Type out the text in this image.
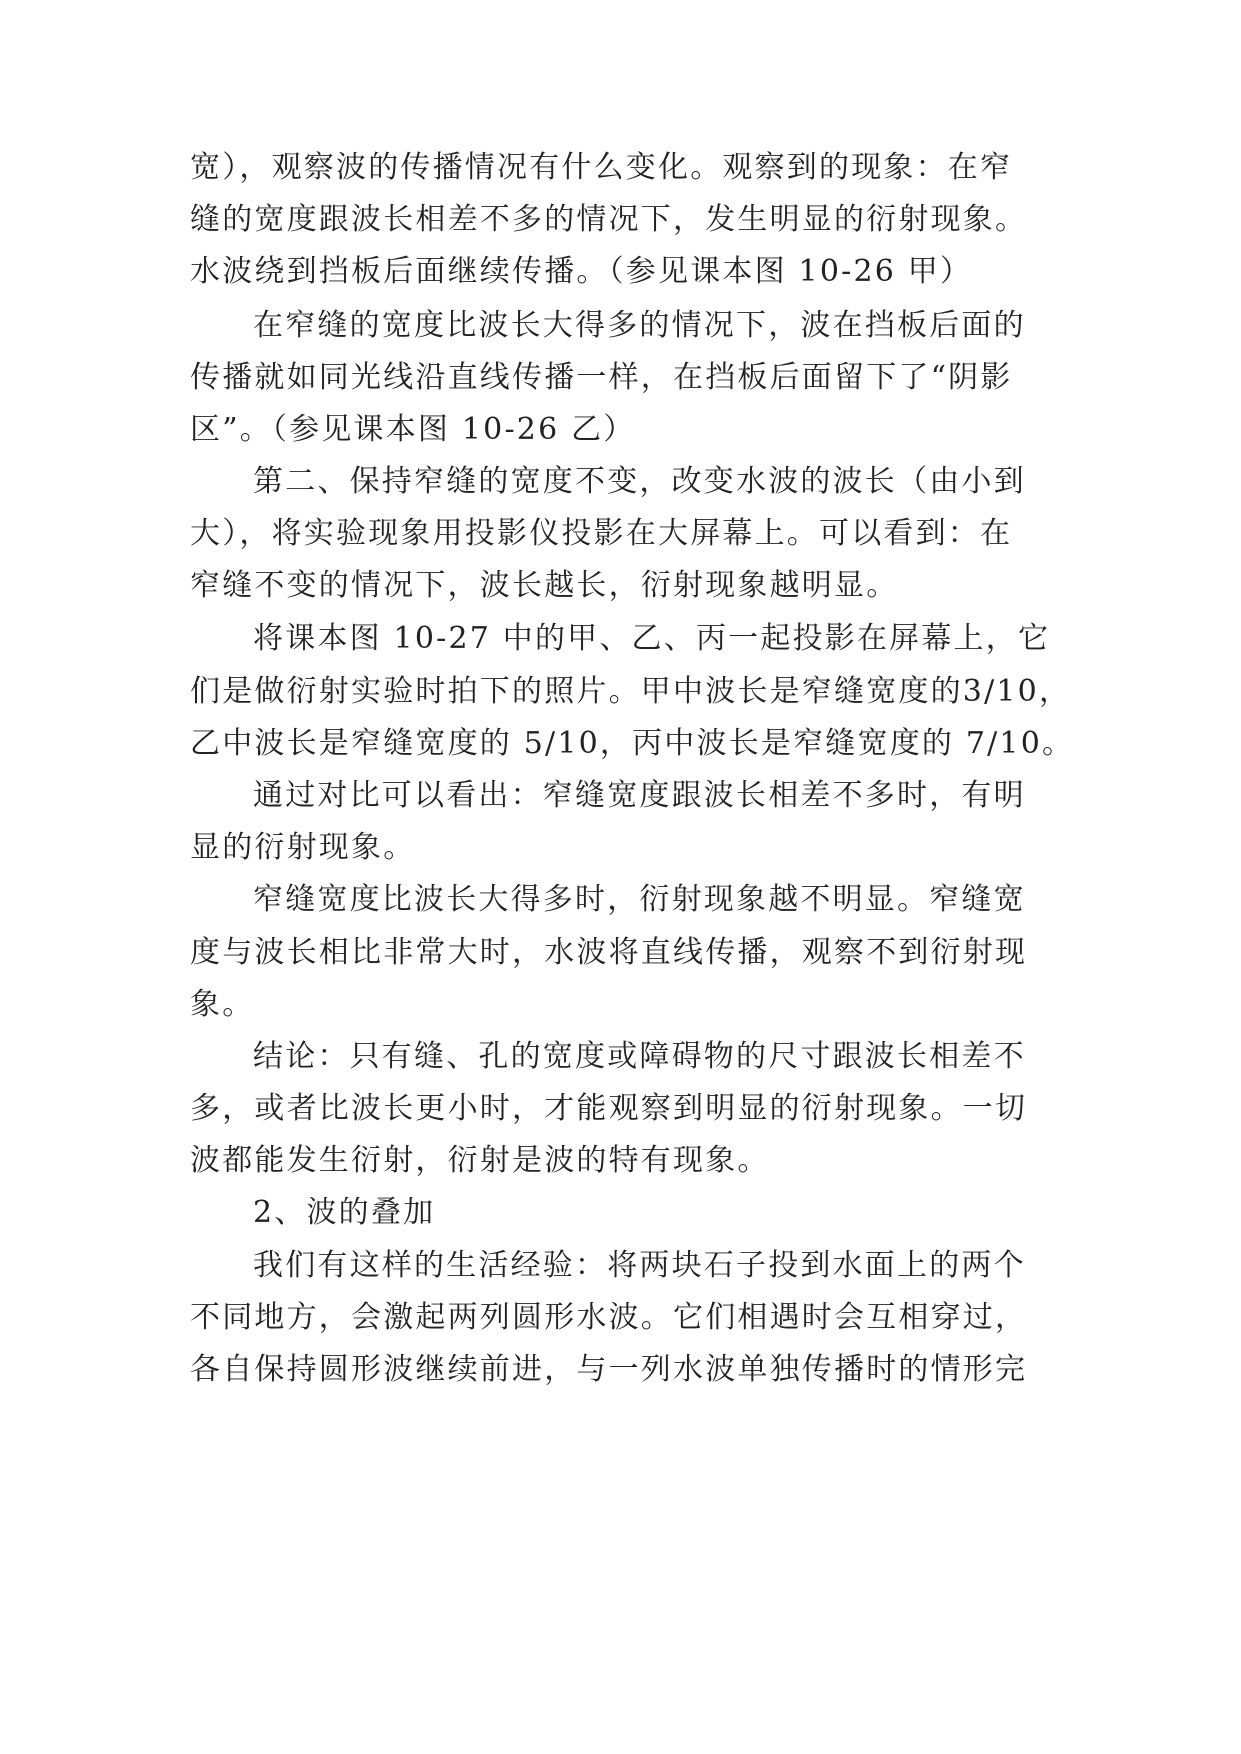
宽），观察波的传播情况有什么变化。观察到的现象：在窄
缝的宽度跟波长相差不多的情况下，发生明显的衍射现象。
水波绕到挡板后面继续传播。（参见课本图 10-26 甲）
在窄缝的宽度比波长大得多的情况下，波在挡板后面的
传播就如同光线沿直线传播一样，在挡板后面留下了“阴影
区”。（参见课本图 10-26 乙）
第二、保持窄缝的宽度不变，改变水波的波长（由小到
大），将实验现象用投影仪投影在大屏幕上。可以看到：在
窄缝不变的情况下，波长越长，衍射现象越明显。
将课本图 10-27 中的甲、乙、丙一起投影在屏幕上，它
们是做衍射实验时拍下的照片。甲中波长是窄缝宽度的3/10，
乙中波长是窄缝宽度的 5/10，丙中波长是窄缝宽度的 7/10。
通过对比可以看出：窄缝宽度跟波长相差不多时，有明
显的衍射现象。
窄缝宽度比波长大得多时，衍射现象越不明显。窄缝宽
度与波长相比非常大时，水波将直线传播，观察不到衍射现
象。
结论：只有缝、孔的宽度或障碍物的尺寸跟波长相差不
多，或者比波长更小时，才能观察到明显的衍射现象。一切
波都能发生衍射，衍射是波的特有现象。
2、波的叠加
我们有这样的生活经验：将两块石子投到水面上的两个
不同地方，会激起两列圆形水波。它们相遇时会互相穿过，
各自保持圆形波继续前进，与一列水波单独传播时的情形完
